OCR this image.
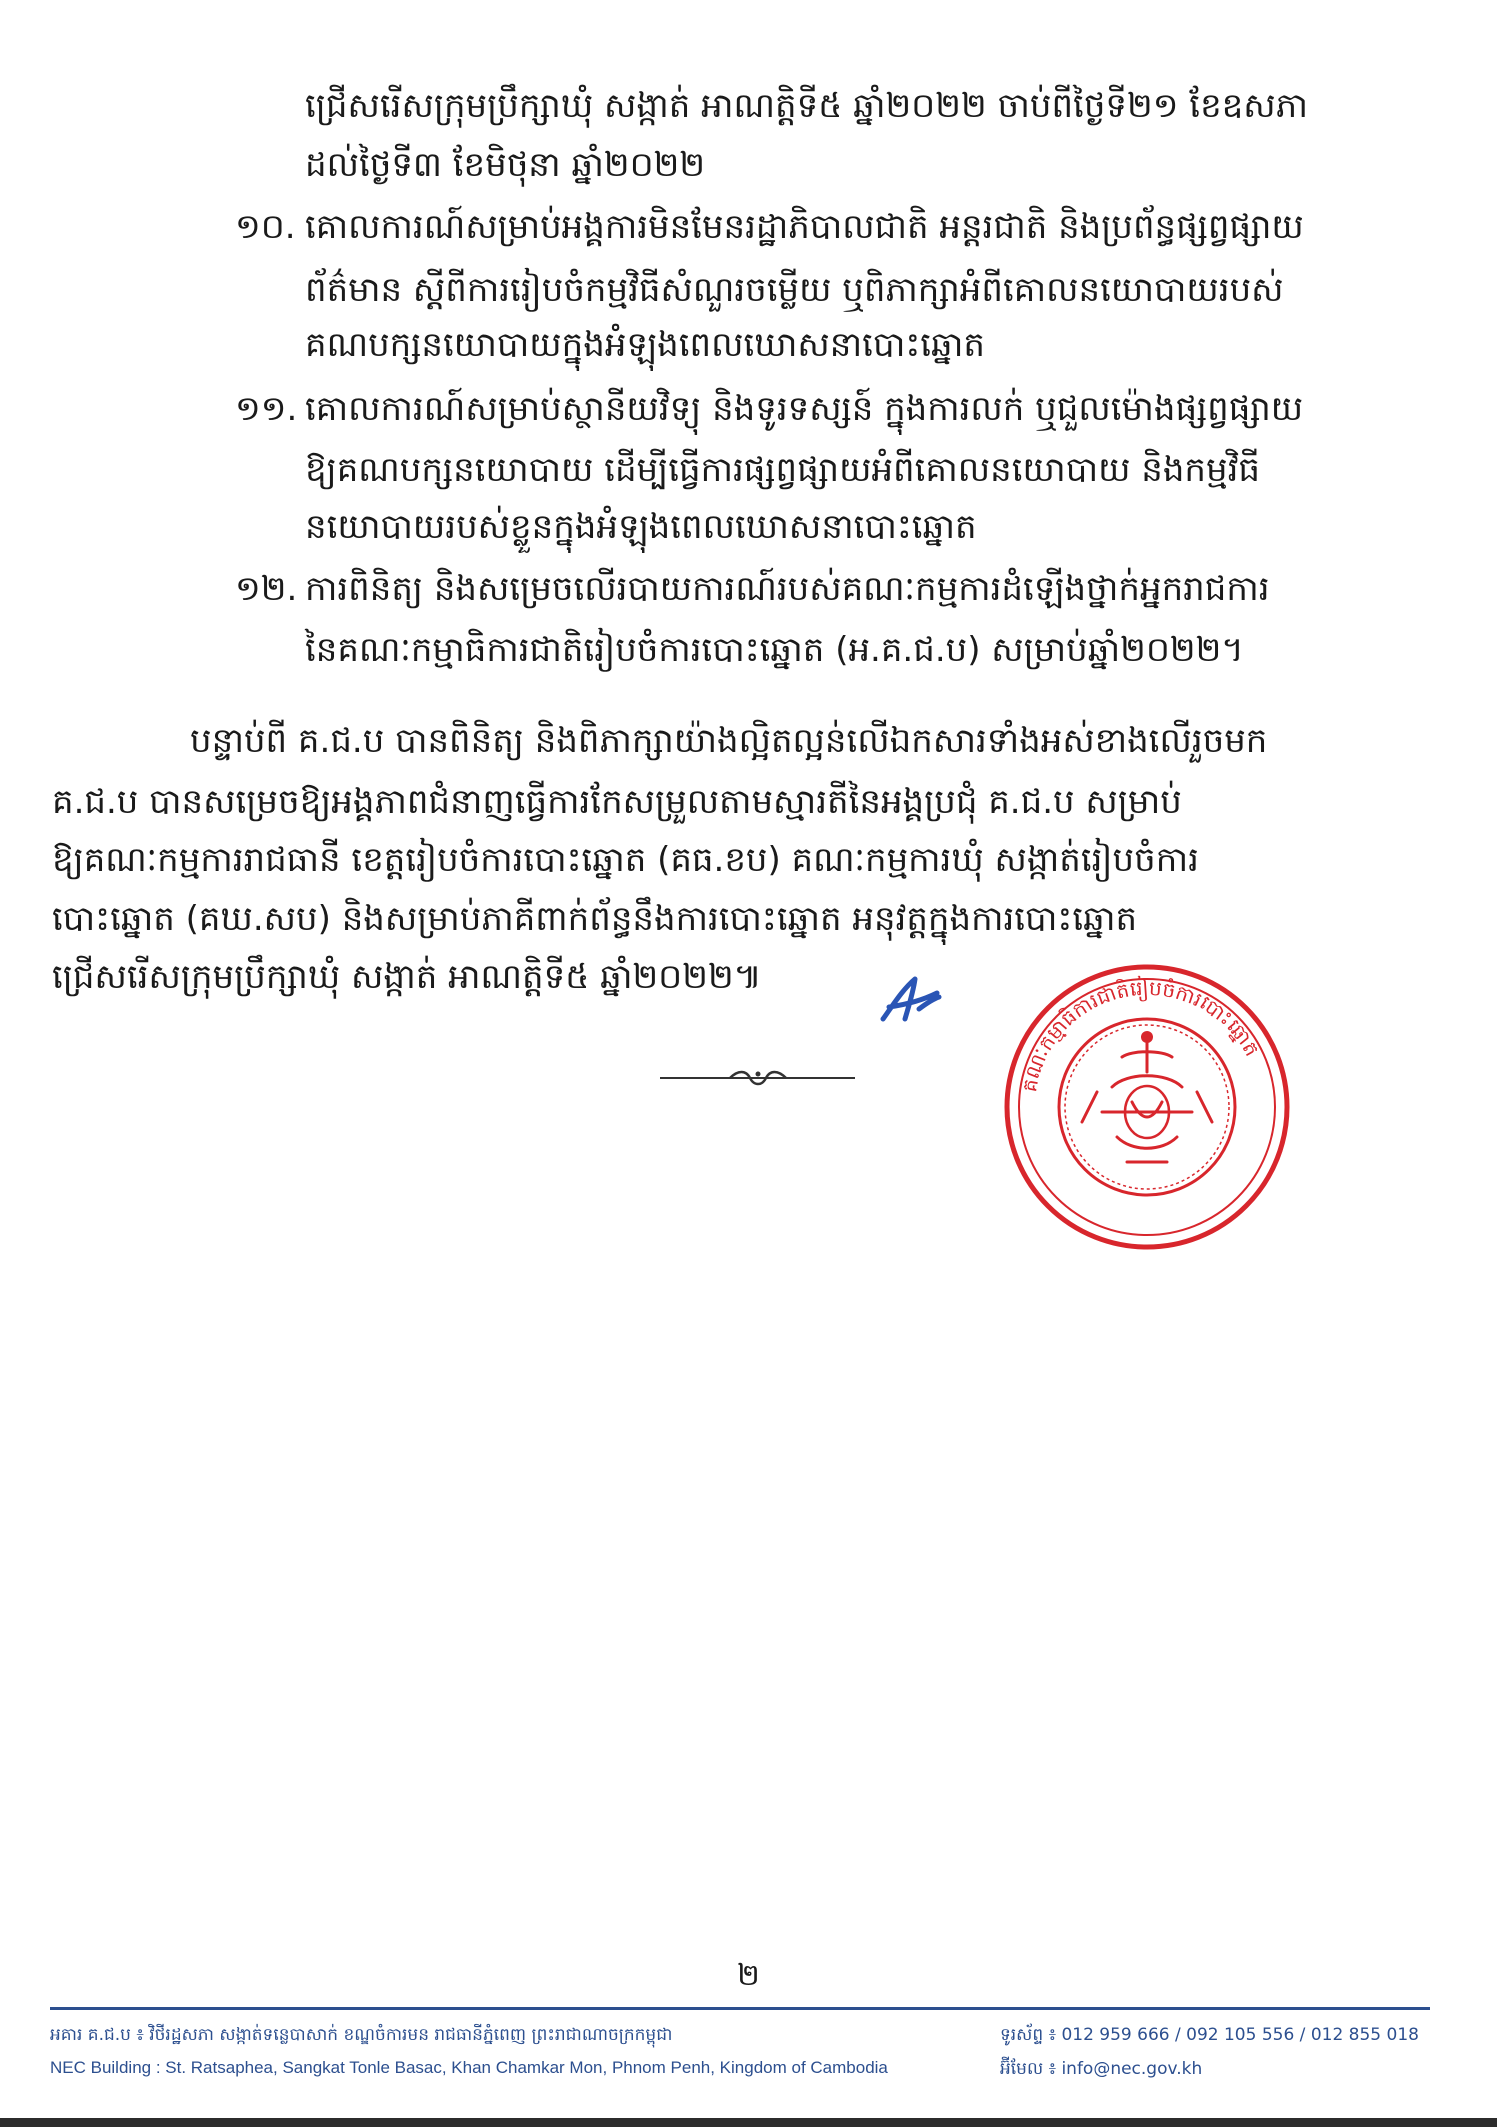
ជ្រើសរើសក្រុមប្រឹក្សាឃុំ សង្កាត់ អាណត្តិទី៥ ឆ្នាំ២០២២ ចាប់ពីថ្ងៃទី២១ ខែឧសភា
ដល់ថ្ងៃទី៣ ខែមិថុនា ឆ្នាំ២០២២
១០. គោលការណ៍សម្រាប់អង្គការមិនមែនរដ្ឋាភិបាលជាតិ អន្តរជាតិ និងប្រព័ន្ធផ្សព្វផ្សាយ
ព័ត៌មាន ស្តីពីការរៀបចំកម្មវិធីសំណួរចម្លើយ ឬពិភាក្សាអំពីគោលនយោបាយរបស់
គណបក្សនយោបាយក្នុងអំឡុងពេលឃោសនាបោះឆ្នោត
១១. គោលការណ៍សម្រាប់ស្ថានីយវិទ្យុ និងទូរទស្សន៍ ក្នុងការលក់ ឬជួលម៉ោងផ្សព្វផ្សាយ
ឱ្យគណបក្សនយោបាយ ដើម្បីធ្វើការផ្សព្វផ្សាយអំពីគោលនយោបាយ និងកម្មវិធី
នយោបាយរបស់ខ្លួនក្នុងអំឡុងពេលឃោសនាបោះឆ្នោត
១២. ការពិនិត្យ និងសម្រេចលើរបាយការណ៍របស់គណៈកម្មការដំឡើងថ្នាក់អ្នករាជការ
នៃគណៈកម្មាធិការជាតិរៀបចំការបោះឆ្នោត (អ.គ.ជ.ប) សម្រាប់ឆ្នាំ២០២២។
បន្ទាប់ពី គ.ជ.ប បានពិនិត្យ និងពិភាក្សាយ៉ាងល្អិតល្អន់លើឯកសារទាំងអស់ខាងលើរួចមក
គ.ជ.ប បានសម្រេចឱ្យអង្គភាពជំនាញធ្វើការកែសម្រួលតាមស្មារតីនៃអង្គប្រជុំ គ.ជ.ប សម្រាប់
ឱ្យគណៈកម្មការរាជធានី ខេត្តរៀបចំការបោះឆ្នោត (គធ.ខប) គណៈកម្មការឃុំ សង្កាត់រៀបចំការ
បោះឆ្នោត (គឃ.សប) និងសម្រាប់ភាគីពាក់ព័ន្ធនឹងការបោះឆ្នោត អនុវត្តក្នុងការបោះឆ្នោត
ជ្រើសរើសក្រុមប្រឹក្សាឃុំ សង្កាត់ អាណត្តិទី៥ ឆ្នាំ២០២២៕
គណៈកម្មាធិការជាតិរៀបចំការបោះឆ្នោត
២
អគារ គ.ជ.ប ៖ វិថីរដ្ឋសភា សង្កាត់ទន្លេបាសាក់ ខណ្ឌចំការមន រាជធានីភ្នំពេញ ព្រះរាជាណាចក្រកម្ពុជា
NEC Building : St. Ratsaphea, Sangkat Tonle Basac, Khan Chamkar Mon, Phnom Penh, Kingdom of Cambodia
ទូរស័ព្ទ ៖ 012 959 666 / 092 105 556 / 012 855 018
អ៊ីមែល ៖ info@nec.gov.kh
